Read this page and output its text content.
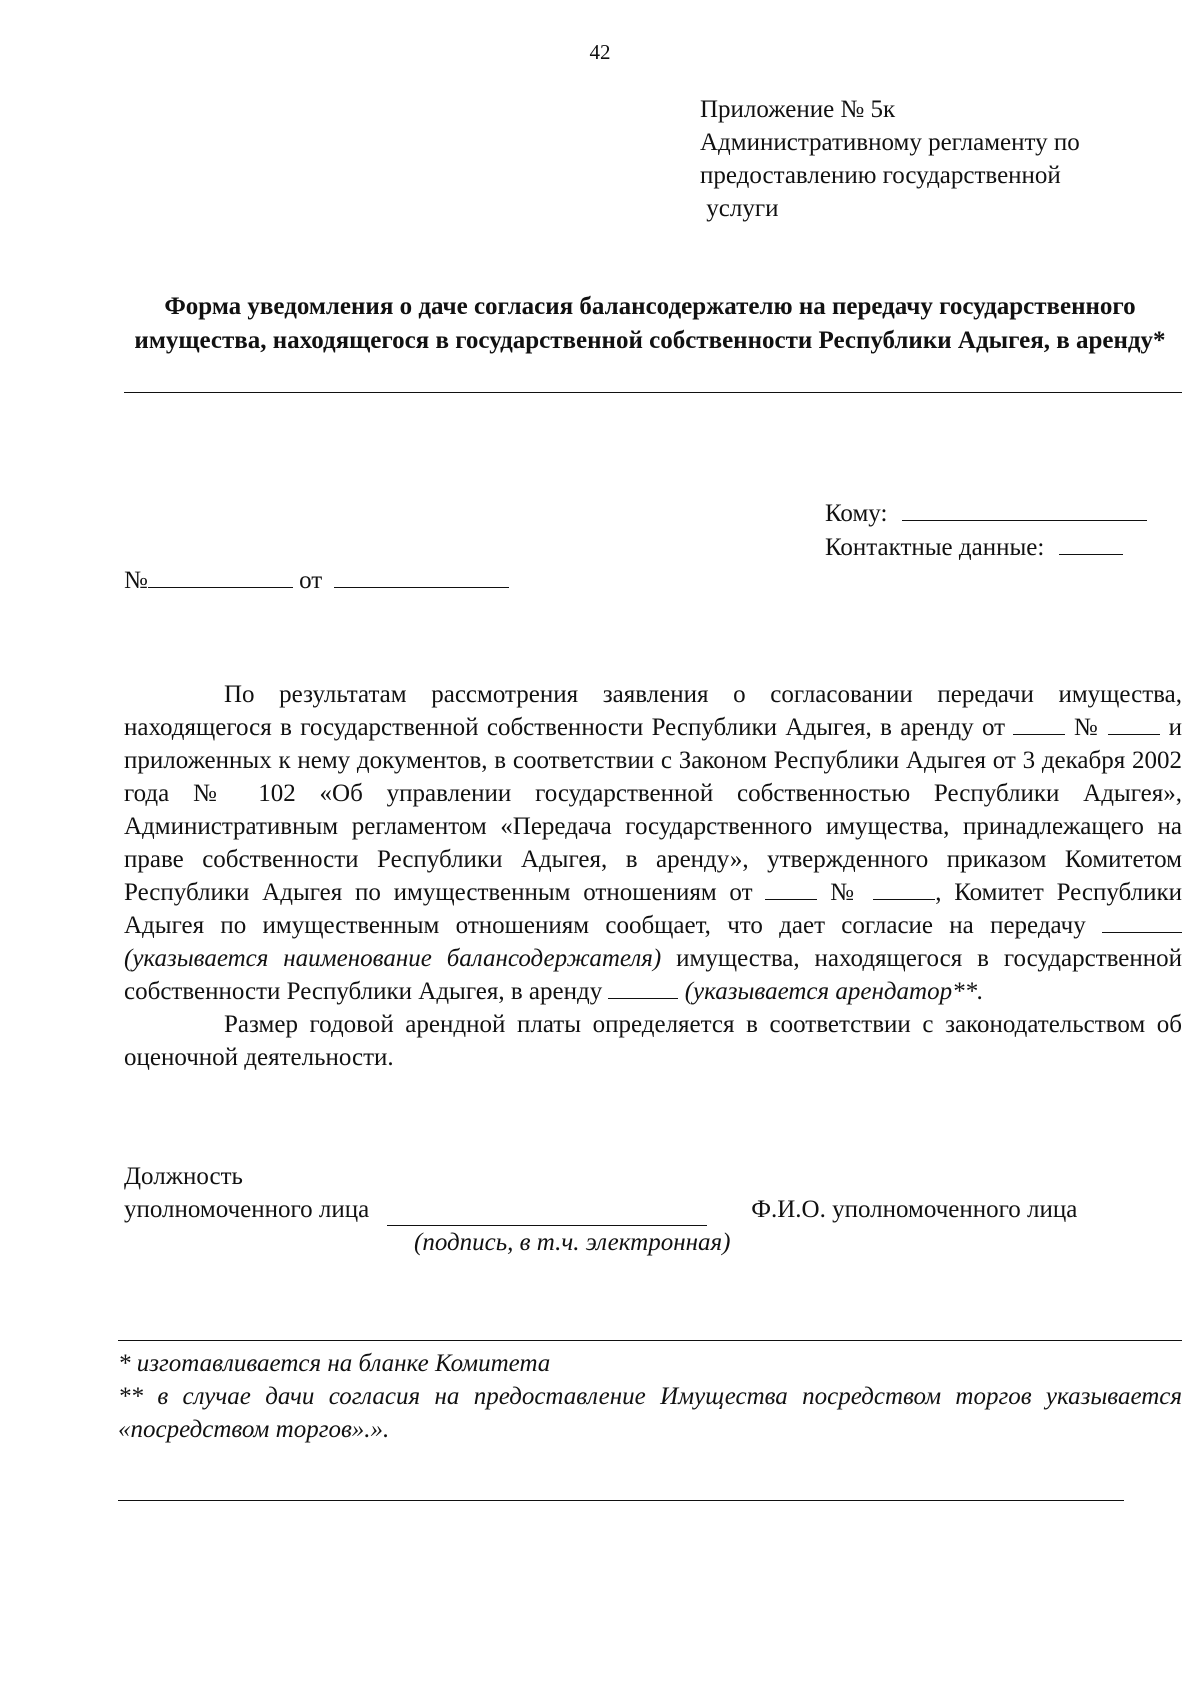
42
Приложение № 5к
Административному регламенту по
предоставлению государственной
услуги
Форма уведомления о даче согласия балансодержателю на передачу государственного имущества, находящегося в государственной собственности Республики Адыгея, в аренду*
Кому:
Контактные данные:
№	от

По результатам рассмотрения заявления о согласовании передачи имущества, находящегося в государственной собственности Республики Адыгея, в аренду от	№	и приложенных к нему документов, в соответствии с Законом Республики Адыгея от 3 декабря 2002 года № 102 «Об управлении государственной собственностью Республики Адыгея», Административным регламентом «Передача государственного имущества, принадлежащего на праве собственности Республики Адыгея, в аренду», утвержденного приказом Комитетом Республики Адыгея по имущественным отношениям от	№	, Комитет Республики Адыгея по имущественным отношениям сообщает, что дает согласие на передачу  (указывается наименование балансодержателя) имущества, находящегося в государственной собственности Республики Адыгея, в аренду	(указывается арендатор**.

Размер годовой арендной платы определяется в соответствии с законодательством об оценочной деятельности.

Должность
уполномоченного лица	Ф.И.О. уполномоченного лица
(подпись, в т.ч. электронная)

* изготавливается на бланке Комитета

** в случае дачи согласия на предоставление Имущества посредством торгов указывается «посредством торгов».».
